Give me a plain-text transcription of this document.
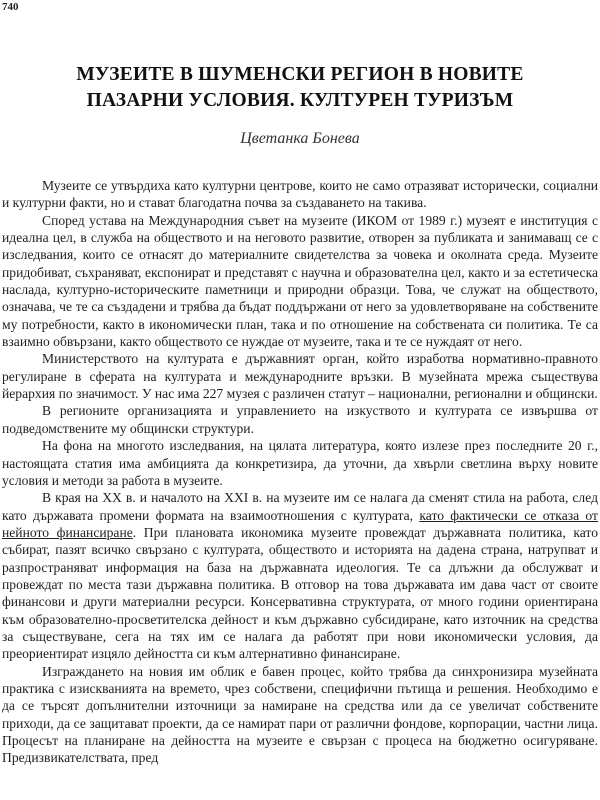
740
МУЗЕИТЕ В ШУМЕНСКИ РЕГИОН В НОВИТЕ
ПАЗАРНИ УСЛОВИЯ. КУЛТУРЕН ТУРИЗЪМ
Цветанка Бонева

Музеите се утвърдиха като културни центрове, които не само отразяват исторически, социални и културни факти, но и стават благодатна почва за създаването на такива.

Според устава на Международния съвет на музеите (ИКОМ от 1989 г.) музеят е институция с идеална цел, в служба на обществото и на неговото развитие, отворен за публиката и занимаващ се с изследвания, които се отнасят до материалните свидетелства за човека и околната среда. Музеите придобиват, съхраняват, експонират и представят с научна и образователна цел, както и за естетическа наслада, културно-историческите паметници и природни образци. Това, че служат на обществото, означава, че те са създадени и трябва да бъдат поддържани от него за удовлетворяване на собствените му потребности, както в икономически план, така и по отношение на собствената си политика. Те са взаимно обвързани, както обществото се нуждае от музеите, така и те се нуждаят от него.

Министерството на културата е държавният орган, който изработва нормативно-правното регулиране в сферата на културата и международните връзки. В музейната мрежа съществува йерархия по значимост. У нас има 227 музея с различен статут – национални, регионални и общински.

В регионите организацията и управлението на изкуството и културата се извършва от подведомствените му общински структури.

На фона на многото изследвания, на цялата литература, която излезе през последните 20 г., настоящата статия има амбицията да конкретизира, да уточни, да хвърли светлина върху новите условия и методи за работа в музеите.

В края на XX в. и началото на XXI в. на музеите им се налага да сменят стила на работа, след като държавата промени формата на взаимоотношения с културата, като фактически се отказа от нейното финансиране. При плановата икономика музеите провеждат държавната политика, като събират, пазят всичко свързано с културата, обществото и историята на дадена страна, натрупват и разпространяват информация на база на държавната идеология. Те са длъжни да обслужват и провеждат по места тази държавна политика. В отговор на това държавата им дава част от своите финансови и други материални ресурси. Консервативна структурата, от много години ориентирана към образователно-просветителска дейност и към държавно субсидиране, като източник на средства за съществуване, сега на тях им се налага да работят при нови икономически условия, да преориентират изцяло дейността си към алтернативно финансиране.

Изграждането на новия им облик е бавен процес, който трябва да синхронизира музейната практика с изискванията на времето, чрез собствени, специфични пътища и решения. Необходимо е да се търсят допълнителни източници за намиране на средства или да се увеличат собствените приходи, да се защитават проекти, да се намират пари от различни фондове, корпорации, частни лица. Процесът на планиране на дейността на музеите е свързан с процеса на бюджетно осигуряване. Предизвикателствата, пред
